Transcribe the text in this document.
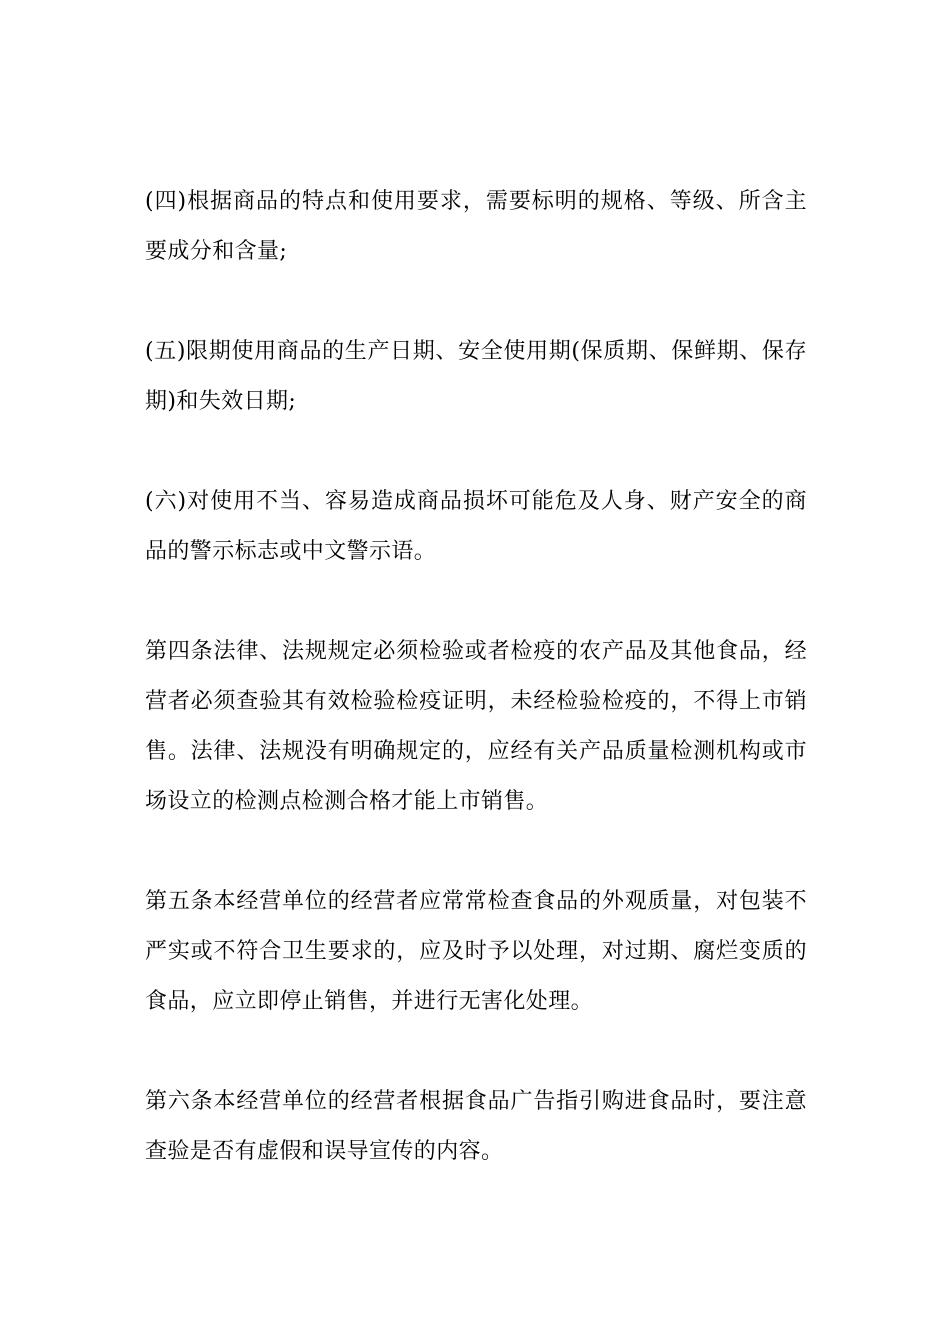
(四)根据商品的特点和使用要求，需要标明的规格、等级、所含主要成分和含量;

(五)限期使用商品的生产日期、安全使用期(保质期、保鲜期、保存期)和失效日期;

(六)对使用不当、容易造成商品损坏可能危及人身、财产安全的商品的警示标志或中文警示语。

第四条法律、法规规定必须检验或者检疫的农产品及其他食品，经营者必须查验其有效检验检疫证明，未经检验检疫的，不得上市销售。法律、法规没有明确规定的，应经有关产品质量检测机构或市场设立的检测点检测合格才能上市销售。

第五条本经营单位的经营者应常常检查食品的外观质量，对包装不严实或不符合卫生要求的，应及时予以处理，对过期、腐烂变质的食品，应立即停止销售，并进行无害化处理。

第六条本经营单位的经营者根据食品广告指引购进食品时，要注意查验是否有虚假和误导宣传的内容。
